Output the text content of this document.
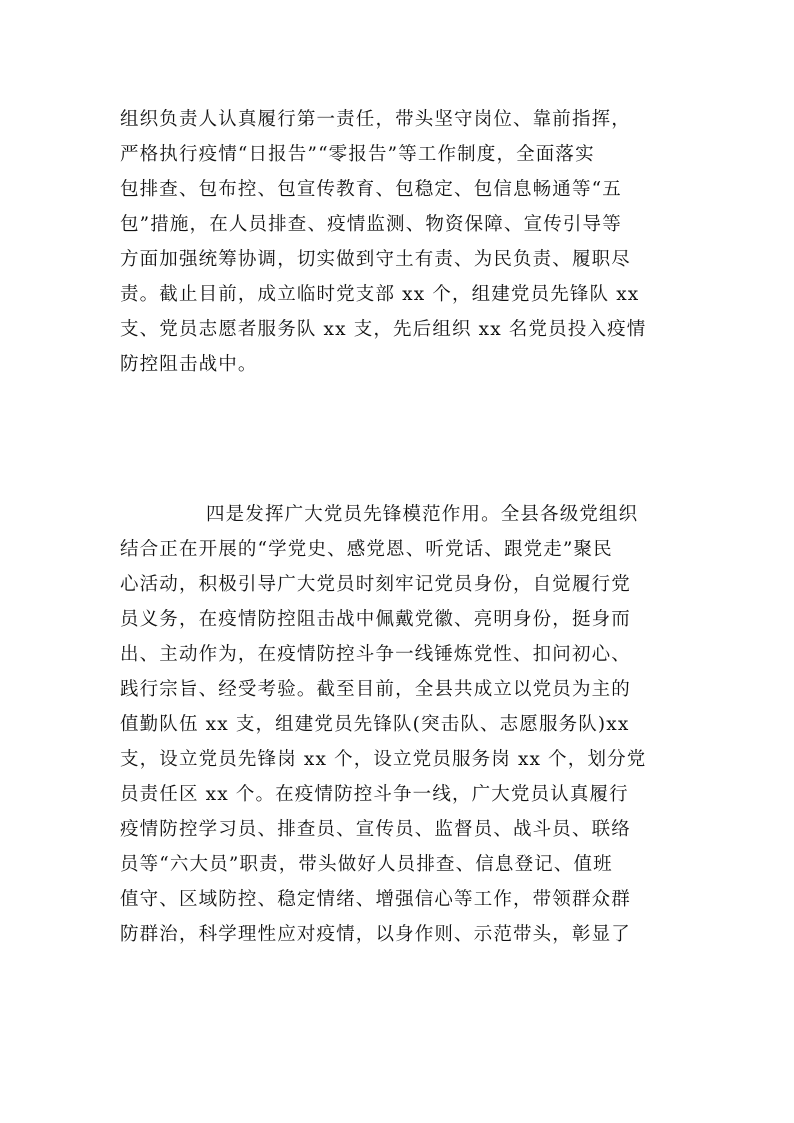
组织负责人认真履行第一责任，带头坚守岗位、靠前指挥，
严格执行疫情“日报告”“零报告”等工作制度，全面落实
包排查、包布控、包宣传教育、包稳定、包信息畅通等“五
包”措施，在人员排查、疫情监测、物资保障、宣传引导等
方面加强统筹协调，切实做到守土有责、为民负责、履职尽
责。截止目前，成立临时党支部 xx 个，组建党员先锋队 xx
支、党员志愿者服务队 xx 支，先后组织 xx 名党员投入疫情
防控阻击战中。
四是发挥广大党员先锋模范作用。全县各级党组织
结合正在开展的“学党史、感党恩、听党话、跟党走”聚民
心活动，积极引导广大党员时刻牢记党员身份，自觉履行党
员义务，在疫情防控阻击战中佩戴党徽、亮明身份，挺身而
出、主动作为，在疫情防控斗争一线锤炼党性、扣问初心、
践行宗旨、经受考验。截至目前，全县共成立以党员为主的
值勤队伍 xx 支，组建党员先锋队(突击队、志愿服务队)xx
支，设立党员先锋岗 xx 个，设立党员服务岗 xx 个，划分党
员责任区 xx 个。在疫情防控斗争一线，广大党员认真履行
疫情防控学习员、排查员、宣传员、监督员、战斗员、联络
员等“六大员”职责，带头做好人员排查、信息登记、值班
值守、区域防控、稳定情绪、增强信心等工作，带领群众群
防群治，科学理性应对疫情，以身作则、示范带头，彰显了
